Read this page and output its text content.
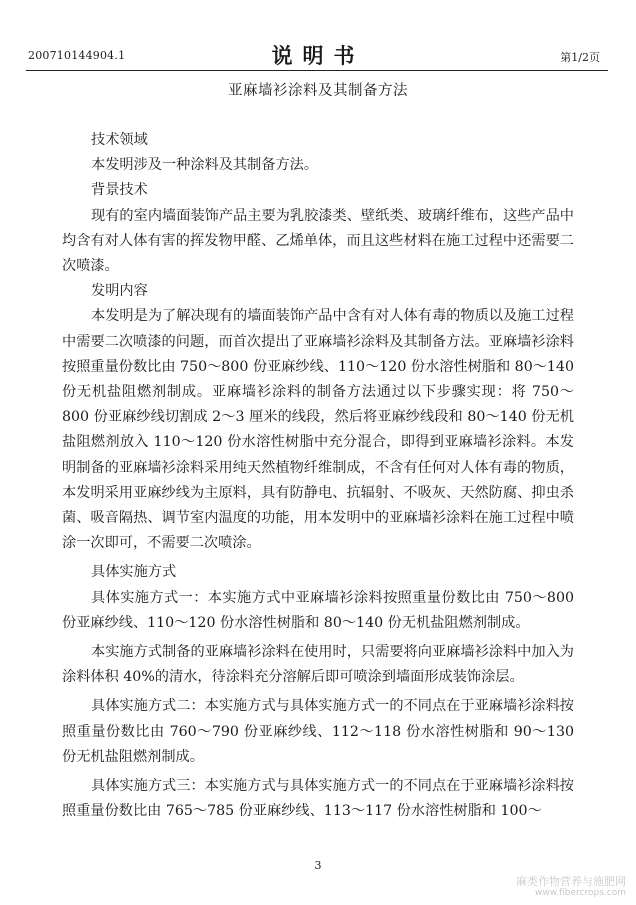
200710144904.1	说明书	第1/2页
亚麻墙衫涂料及其制备方法

技术领域

本发明涉及一种涂料及其制备方法。

背景技术

现有的室内墙面装饰产品主要为乳胶漆类、壁纸类、玻璃纤维布，这些产品中均含有对人体有害的挥发物甲醛、乙烯单体，而且这些材料在施工过程中还需要二次喷漆。

发明内容

本发明是为了解决现有的墙面装饰产品中含有对人体有毒的物质以及施工过程中需要二次喷漆的问题，而首次提出了亚麻墙衫涂料及其制备方法。亚麻墙衫涂料按照重量份数比由 750～800 份亚麻纱线、110～120 份水溶性树脂和 80～140 份无机盐阻燃剂制成。亚麻墙衫涂料的制备方法通过以下步骤实现：将 750～800 份亚麻纱线切割成 2～3 厘米的线段，然后将亚麻纱线段和 80～140 份无机盐阻燃剂放入 110～120 份水溶性树脂中充分混合，即得到亚麻墙衫涂料。本发明制备的亚麻墙衫涂料采用纯天然植物纤维制成，不含有任何对人体有毒的物质，本发明采用亚麻纱线为主原料，具有防静电、抗辐射、不吸灰、天然防腐、抑虫杀菌、吸音隔热、调节室内温度的功能，用本发明中的亚麻墙衫涂料在施工过程中喷涂一次即可，不需要二次喷涂。

具体实施方式

具体实施方式一：本实施方式中亚麻墙衫涂料按照重量份数比由 750～800 份亚麻纱线、110～120 份水溶性树脂和 80～140 份无机盐阻燃剂制成。

本实施方式制备的亚麻墙衫涂料在使用时，只需要将向亚麻墙衫涂料中加入为涂料体积 40%的清水，待涂料充分溶解后即可喷涂到墙面形成装饰涂层。

具体实施方式二：本实施方式与具体实施方式一的不同点在于亚麻墙衫涂料按照重量份数比由 760～790 份亚麻纱线、112～118 份水溶性树脂和 90～130 份无机盐阻燃剂制成。

具体实施方式三：本实施方式与具体实施方式一的不同点在于亚麻墙衫涂料按照重量份数比由 765～785 份亚麻纱线、113～117 份水溶性树脂和 100～

3
麻类作物营养与施肥网
www.fibercrops.com
